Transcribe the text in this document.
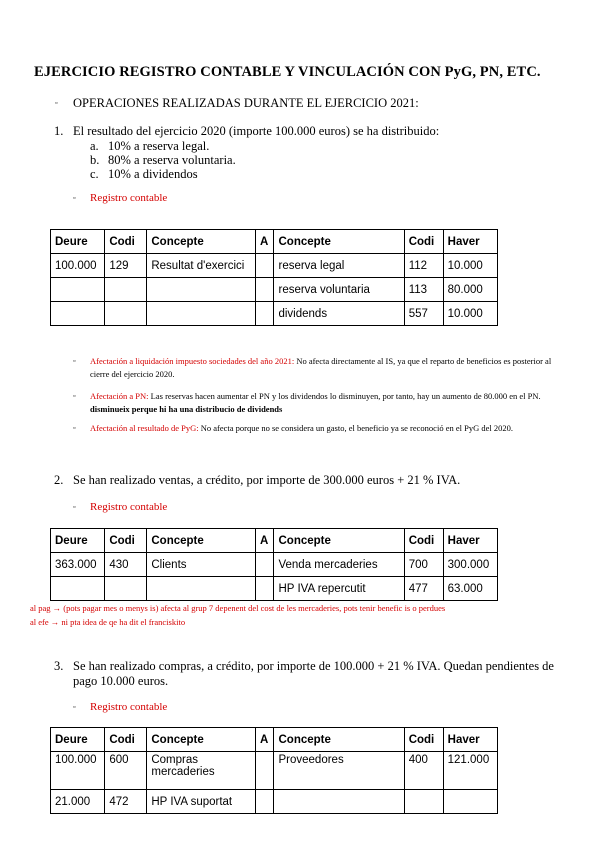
EJERCICIO REGISTRO CONTABLE Y VINCULACIÓN CON PyG, PN, ETC.
▫ OPERACIONES REALIZADAS DURANTE EL EJERCICIO 2021:
1. El resultado del ejercicio 2020 (importe 100.000 euros) se ha distribuido:
a. 10% a reserva legal.
b. 80% a reserva voluntaria.
c. 10% a dividendos
▫ Registro contable
Deure	Codi	Concepte	A	Concepte	Codi	Haver
100.000	129	Resultat d'exercici		reserva legal	112	10.000
				reserva voluntaria	113	80.000
				dividends	557	10.000
▫ Afectación a liquidación impuesto sociedades del año 2021: No afecta directamente al IS, ya que el reparto de beneficios es posterior al cierre del ejercicio 2020.
▫ Afectación a PN: Las reservas hacen aumentar el PN y los dividendos lo disminuyen, por tanto, hay un aumento de 80.000 en el PN. disminueix perque hi ha una distribucio de dividends
▫ Afectación al resultado de PyG: No afecta porque no se considera un gasto, el beneficio ya se reconoció en el PyG del 2020.
2. Se han realizado ventas, a crédito, por importe de 300.000 euros + 21 % IVA.
▫ Registro contable
Deure	Codi	Concepte	A	Concepte	Codi	Haver
363.000	430	Clients		Venda mercaderies	700	300.000
				HP IVA repercutit	477	63.000
al pag → (pots pagar mes o menys is) afecta al grup 7 depenent del cost de les mercaderies, pots tenir benefic is o perdues
al efe → ni pta idea de qe ha dit el franciskito
3. Se han realizado compras, a crédito, por importe de 100.000 + 21 % IVA. Quedan pendientes de pago 10.000 euros.
▫ Registro contable
Deure	Codi	Concepte	A	Concepte	Codi	Haver
100.000	600	Compras mercaderies		Proveedores	400	121.000
21.000	472	HP IVA suportat				
